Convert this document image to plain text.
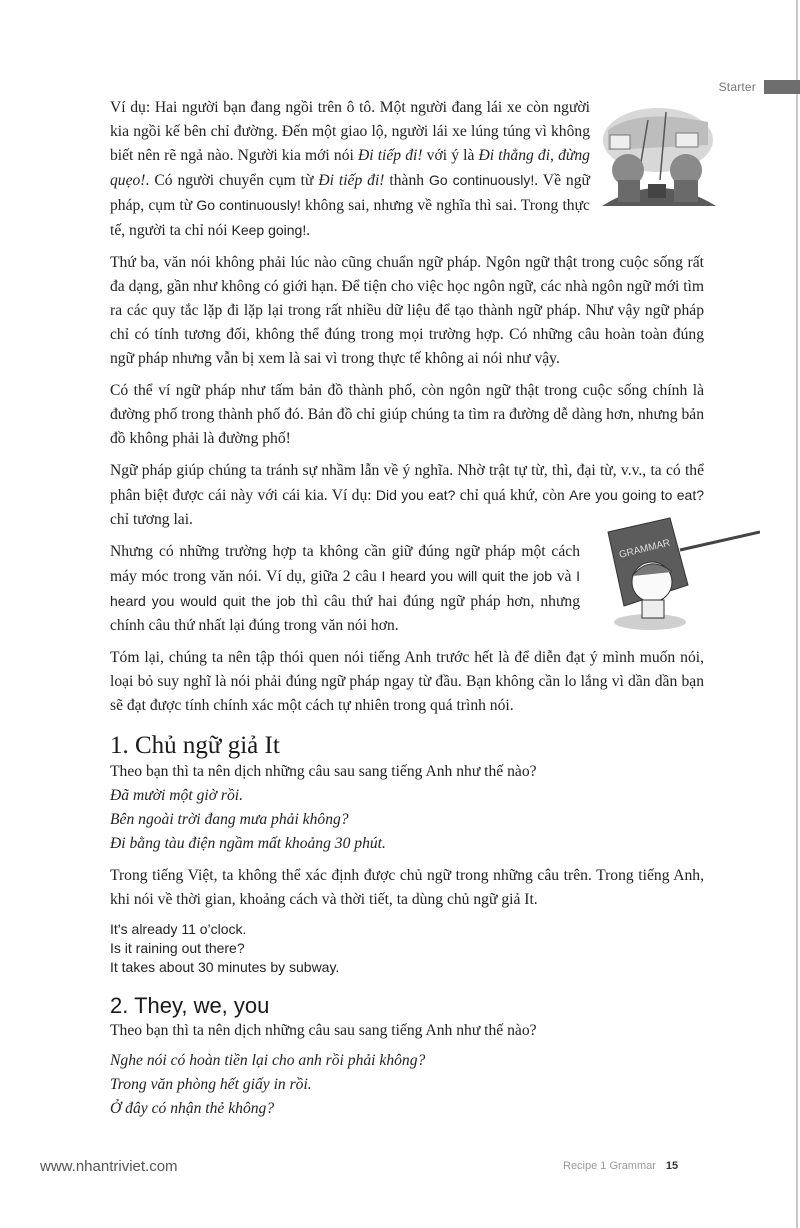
Starter

Ví dụ: Hai người bạn đang ngồi trên ô tô. Một người đang lái xe còn người kia ngồi kế bên chỉ đường. Đến một giao lộ, người lái xe lúng túng vì không biết nên rẽ ngả nào. Người kia mới nói Đi tiếp đi! với ý là Đi thẳng đi, đừng quẹo!. Có người chuyển cụm từ Đi tiếp đi! thành Go continuously!. Về ngữ pháp, cụm từ Go continuously! không sai, nhưng về nghĩa thì sai. Trong thực tế, người ta chỉ nói Keep going!.

Thứ ba, văn nói không phải lúc nào cũng chuẩn ngữ pháp. Ngôn ngữ thật trong cuộc sống rất đa dạng, gần như không có giới hạn. Để tiện cho việc học ngôn ngữ, các nhà ngôn ngữ mới tìm ra các quy tắc lặp đi lặp lại trong rất nhiều dữ liệu để tạo thành ngữ pháp. Như vậy ngữ pháp chỉ có tính tương đối, không thể đúng trong mọi trường hợp. Có những câu hoàn toàn đúng ngữ pháp nhưng vẫn bị xem là sai vì trong thực tế không ai nói như vậy.

Có thể ví ngữ pháp như tấm bản đồ thành phố, còn ngôn ngữ thật trong cuộc sống chính là đường phố trong thành phố đó. Bản đồ chỉ giúp chúng ta tìm ra đường dễ dàng hơn, nhưng bản đồ không phải là đường phố!

Ngữ pháp giúp chúng ta tránh sự nhầm lẫn về ý nghĩa. Nhờ trật tự từ, thì, đại từ, v.v., ta có thể phân biệt được cái này với cái kia. Ví dụ: Did you eat? chỉ quá khứ, còn Are you going to eat? chỉ tương lai.

Nhưng có những trường hợp ta không cần giữ đúng ngữ pháp một cách máy móc trong văn nói. Ví dụ, giữa 2 câu I heard you will quit the job và I heard you would quit the job thì câu thứ hai đúng ngữ pháp hơn, nhưng chính câu thứ nhất lại đúng trong văn nói hơn.

Tóm lại, chúng ta nên tập thói quen nói tiếng Anh trước hết là để diễn đạt ý mình muốn nói, loại bỏ suy nghĩ là nói phải đúng ngữ pháp ngay từ đầu. Bạn không cần lo lắng vì dần dần bạn sẽ đạt được tính chính xác một cách tự nhiên trong quá trình nói.

1. Chủ ngữ giả It
Theo bạn thì ta nên dịch những câu sau sang tiếng Anh như thế nào?
Đã mười một giờ rồi.
Bên ngoài trời đang mưa phải không?
Đi bằng tàu điện ngầm mất khoảng 30 phút.

Trong tiếng Việt, ta không thể xác định được chủ ngữ trong những câu trên. Trong tiếng Anh, khi nói về thời gian, khoảng cách và thời tiết, ta dùng chủ ngữ giả It.

It’s already 11 o’clock.
Is it raining out there?
It takes about 30 minutes by subway.
2. They, we, you
Theo bạn thì ta nên dịch những câu sau sang tiếng Anh như thế nào?
Nghe nói có hoàn tiền lại cho anh rồi phải không?
Trong văn phòng hết giấy in rồi.
Ở đây có nhận thẻ không?
GRAMMAR
www.nhantriviet.com	Recipe 1 Grammar 15
